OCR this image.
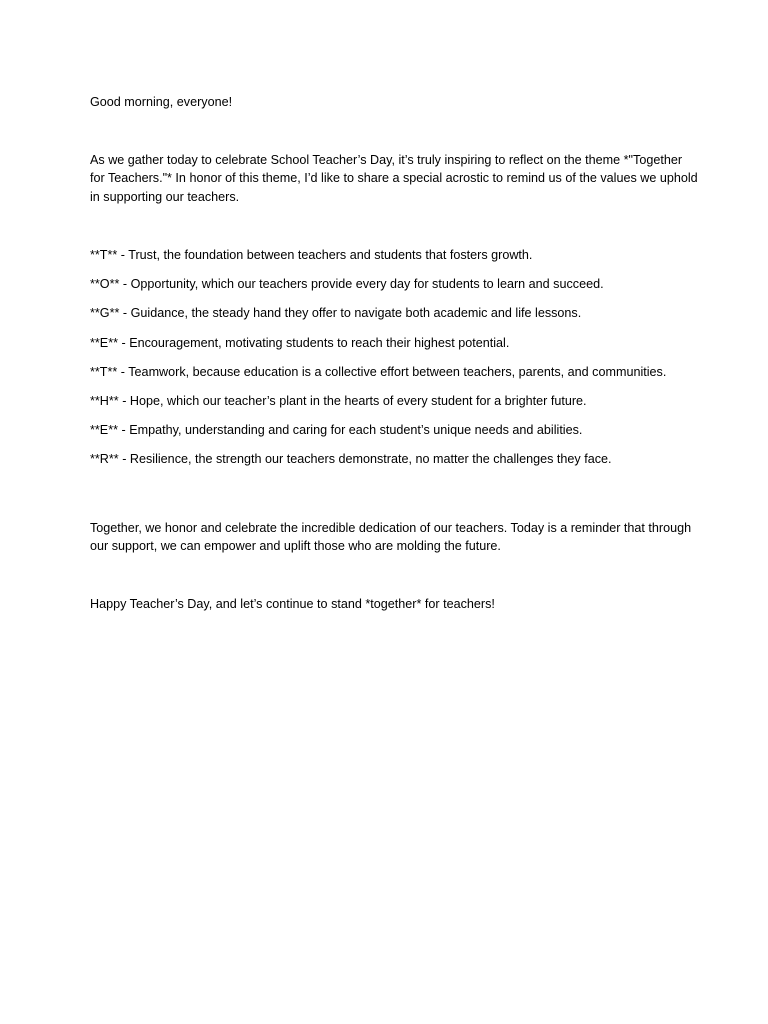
Good morning, everyone!

As we gather today to celebrate School Teacher’s Day, it’s truly inspiring to reflect on the theme *"Together for Teachers."* In honor of this theme, I’d like to share a special acrostic to remind us of the values we uphold in supporting our teachers.

**T** - Trust, the foundation between teachers and students that fosters growth.
**O** - Opportunity, which our teachers provide every day for students to learn and succeed.
**G** - Guidance, the steady hand they offer to navigate both academic and life lessons.
**E** - Encouragement, motivating students to reach their highest potential.
**T** - Teamwork, because education is a collective effort between teachers, parents, and communities.
**H** - Hope, which our teacher’s plant in the hearts of every student for a brighter future.
**E** - Empathy, understanding and caring for each student’s unique needs and abilities.
**R** - Resilience, the strength our teachers demonstrate, no matter the challenges they face.

Together, we honor and celebrate the incredible dedication of our teachers. Today is a reminder that through our support, we can empower and uplift those who are molding the future.

Happy Teacher’s Day, and let’s continue to stand *together* for teachers!
